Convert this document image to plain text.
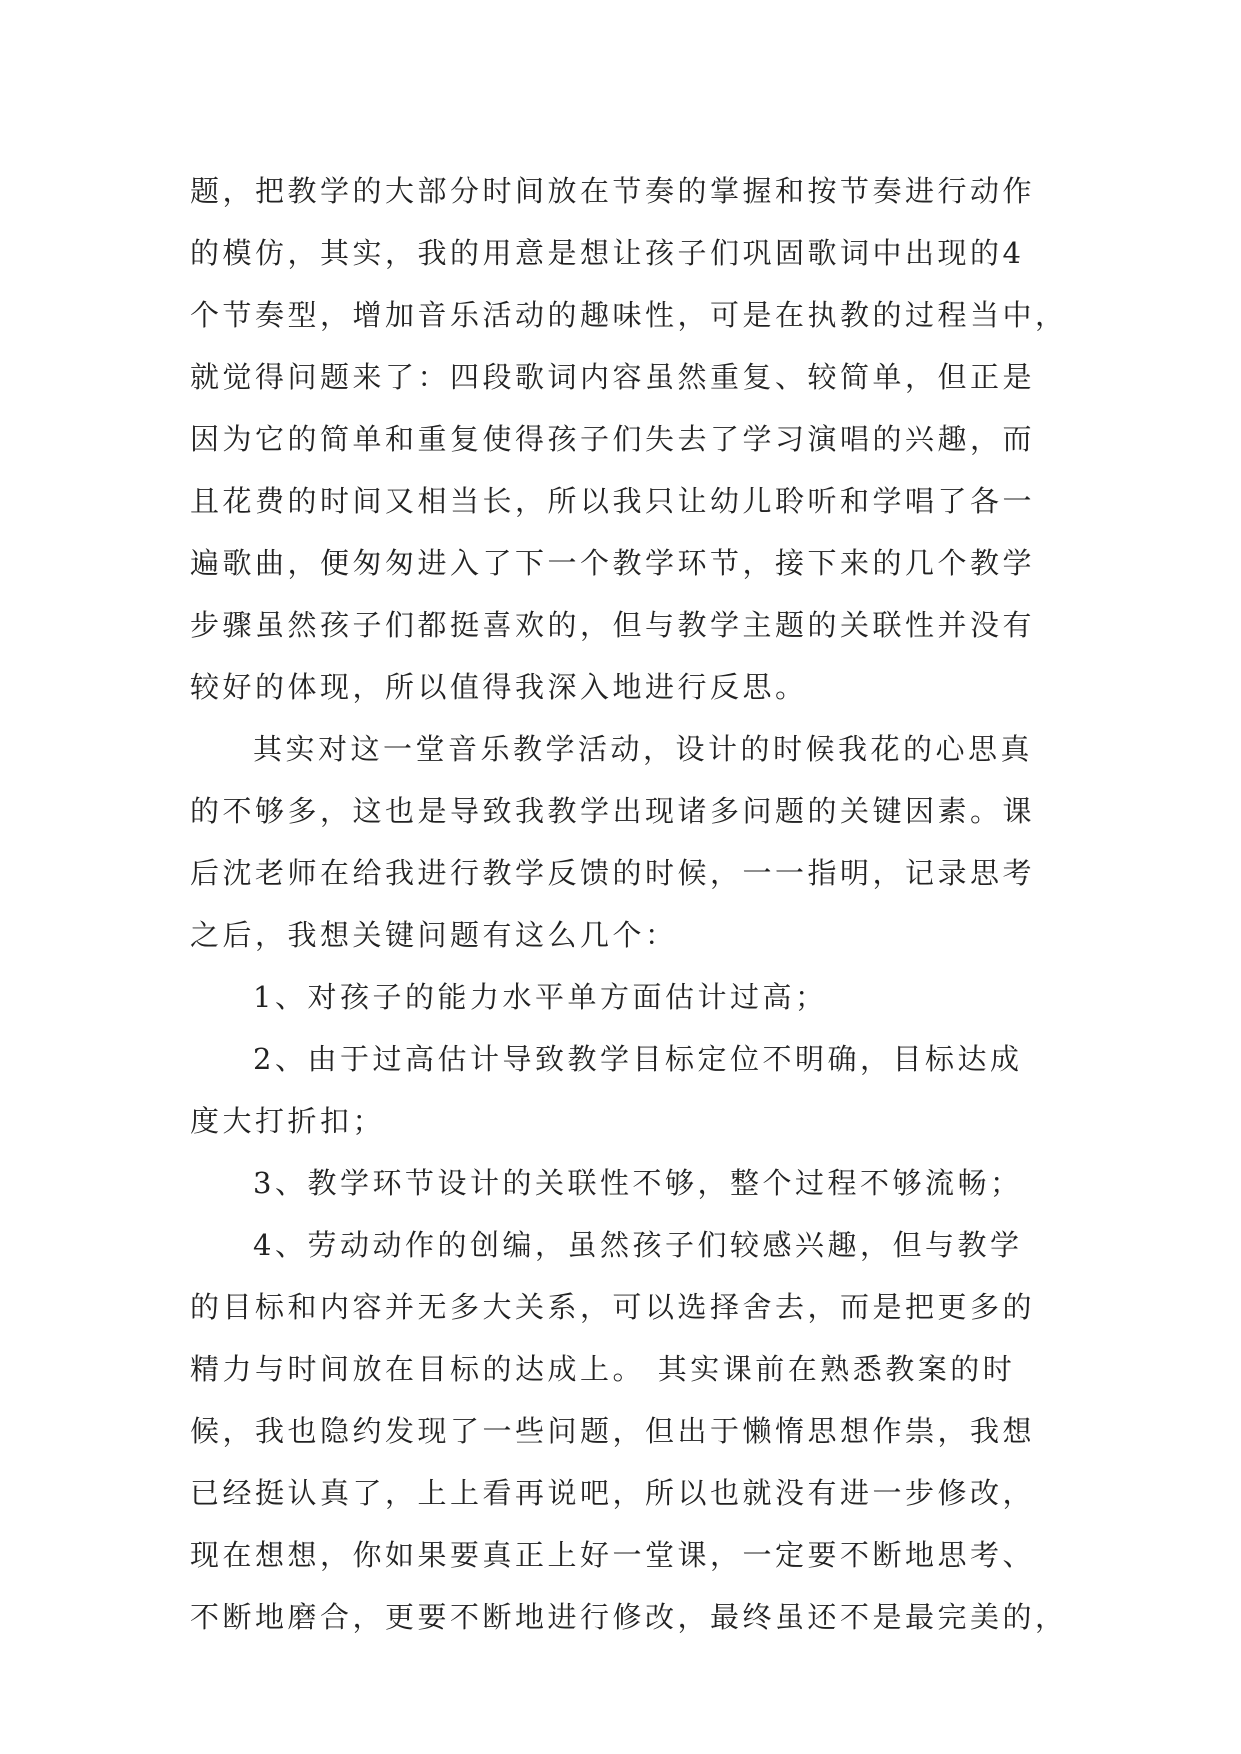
题，把教学的大部分时间放在节奏的掌握和按节奏进行动作
的模仿，其实，我的用意是想让孩子们巩固歌词中出现的4
个节奏型，增加音乐活动的趣味性，可是在执教的过程当中，
就觉得问题来了：四段歌词内容虽然重复、较简单，但正是
因为它的简单和重复使得孩子们失去了学习演唱的兴趣，而
且花费的时间又相当长，所以我只让幼儿聆听和学唱了各一
遍歌曲，便匆匆进入了下一个教学环节，接下来的几个教学
步骤虽然孩子们都挺喜欢的，但与教学主题的关联性并没有
较好的体现，所以值得我深入地进行反思。
其实对这一堂音乐教学活动，设计的时候我花的心思真
的不够多，这也是导致我教学出现诸多问题的关键因素。课
后沈老师在给我进行教学反馈的时候，一一指明，记录思考
之后，我想关键问题有这么几个：
1、对孩子的能力水平单方面估计过高；
2、由于过高估计导致教学目标定位不明确，目标达成
度大打折扣；
3、教学环节设计的关联性不够，整个过程不够流畅；
4、劳动动作的创编，虽然孩子们较感兴趣，但与教学
的目标和内容并无多大关系，可以选择舍去，而是把更多的
精力与时间放在目标的达成上。 其实课前在熟悉教案的时
候，我也隐约发现了一些问题，但出于懒惰思想作祟，我想
已经挺认真了，上上看再说吧，所以也就没有进一步修改，
现在想想，你如果要真正上好一堂课，一定要不断地思考、
不断地磨合，更要不断地进行修改，最终虽还不是最完美的，
